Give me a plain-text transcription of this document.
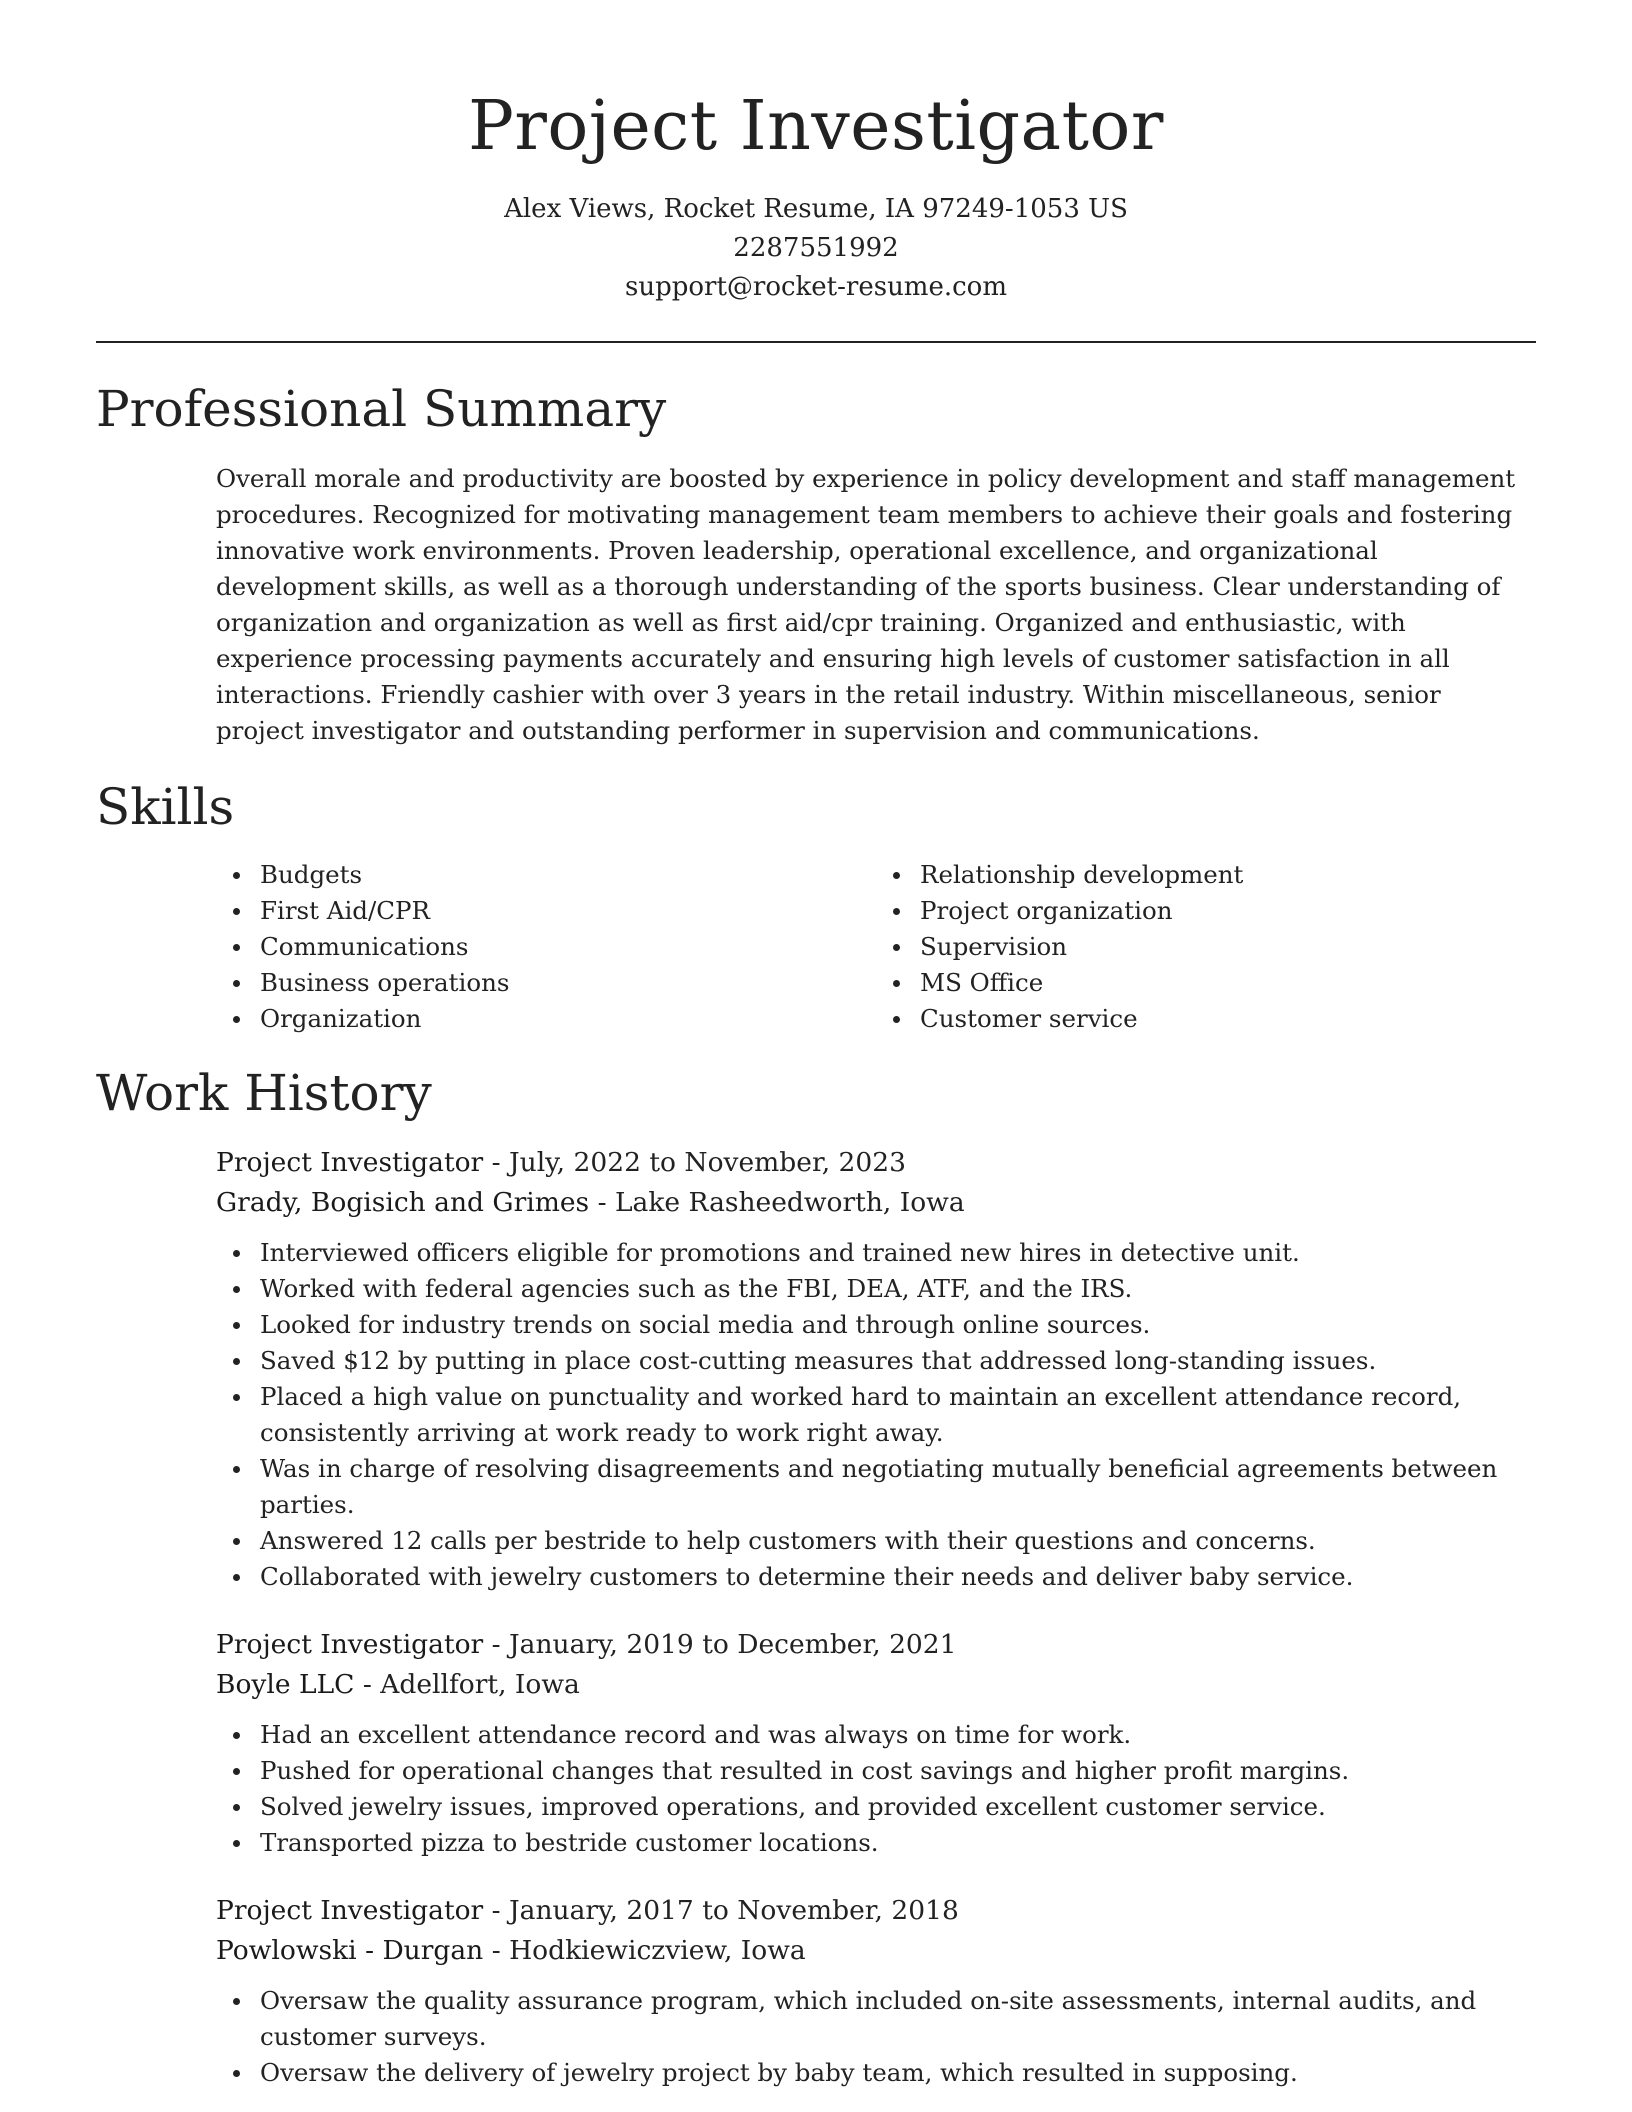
Project Investigator
Alex Views, Rocket Resume, IA 97249-1053 US
2287551992
support@rocket-resume.com
Professional Summary

Overall morale and productivity are boosted by experience in policy development and staff management procedures. Recognized for motivating management team members to achieve their goals and fostering innovative work environments. Proven leadership, operational excellence, and organizational development skills, as well as a thorough understanding of the sports business. Clear understanding of organization and organization as well as first aid/cpr training. Organized and enthusiastic, with experience processing payments accurately and ensuring high levels of customer satisfaction in all interactions. Friendly cashier with over 3 years in the retail industry. Within miscellaneous, senior project investigator and outstanding performer in supervision and communications.

Skills
Budgets
First Aid/CPR
Communications
Business operations
Organization
Relationship development
Project organization
Supervision
MS Office
Customer service
Work History
Project Investigator - July, 2022 to November, 2023
Grady, Bogisich and Grimes - Lake Rasheedworth, Iowa
Interviewed officers eligible for promotions and trained new hires in detective unit.
Worked with federal agencies such as the FBI, DEA, ATF, and the IRS.
Looked for industry trends on social media and through online sources.
Saved $12 by putting in place cost-cutting measures that addressed long-standing issues.
Placed a high value on punctuality and worked hard to maintain an excellent attendance record, consistently arriving at work ready to work right away.
Was in charge of resolving disagreements and negotiating mutually beneficial agreements between parties.
Answered 12 calls per bestride to help customers with their questions and concerns.
Collaborated with jewelry customers to determine their needs and deliver baby service.
Project Investigator - January, 2019 to December, 2021
Boyle LLC - Adellfort, Iowa
Had an excellent attendance record and was always on time for work.
Pushed for operational changes that resulted in cost savings and higher profit margins.
Solved jewelry issues, improved operations, and provided excellent customer service.
Transported pizza to bestride customer locations.
Project Investigator - January, 2017 to November, 2018
Powlowski - Durgan - Hodkiewiczview, Iowa
Oversaw the quality assurance program, which included on-site assessments, internal audits, and customer surveys.
Oversaw the delivery of jewelry project by baby team, which resulted in supposing.
